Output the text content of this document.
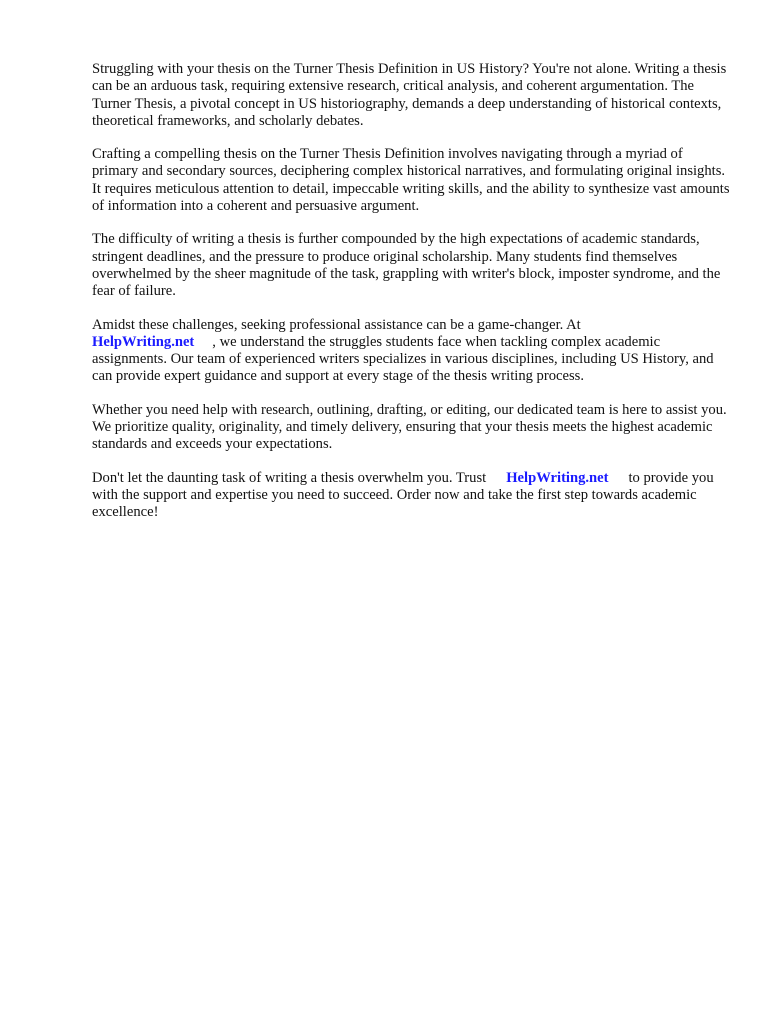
Struggling with your thesis on the Turner Thesis Definition in US History? You're not alone. Writing a thesis can be an arduous task, requiring extensive research, critical analysis, and coherent argumentation. The Turner Thesis, a pivotal concept in US historiography, demands a deep understanding of historical contexts, theoretical frameworks, and scholarly debates.

Crafting a compelling thesis on the Turner Thesis Definition involves navigating through a myriad of primary and secondary sources, deciphering complex historical narratives, and formulating original insights. It requires meticulous attention to detail, impeccable writing skills, and the ability to synthesize vast amounts of information into a coherent and persuasive argument.

The difficulty of writing a thesis is further compounded by the high expectations of academic standards, stringent deadlines, and the pressure to produce original scholarship. Many students find themselves overwhelmed by the sheer magnitude of the task, grappling with writer's block, imposter syndrome, and the fear of failure.

Amidst these challenges, seeking professional assistance can be a game-changer. At
HelpWriting.net , we understand the struggles students face when tackling complex academic assignments. Our team of experienced writers specializes in various disciplines, including US History, and can provide expert guidance and support at every stage of the thesis writing process.

Whether you need help with research, outlining, drafting, or editing, our dedicated team is here to assist you. We prioritize quality, originality, and timely delivery, ensuring that your thesis meets the highest academic standards and exceeds your expectations.

Don't let the daunting task of writing a thesis overwhelm you. Trust HelpWriting.net to provide you with the support and expertise you need to succeed. Order now and take the first step towards academic excellence!
